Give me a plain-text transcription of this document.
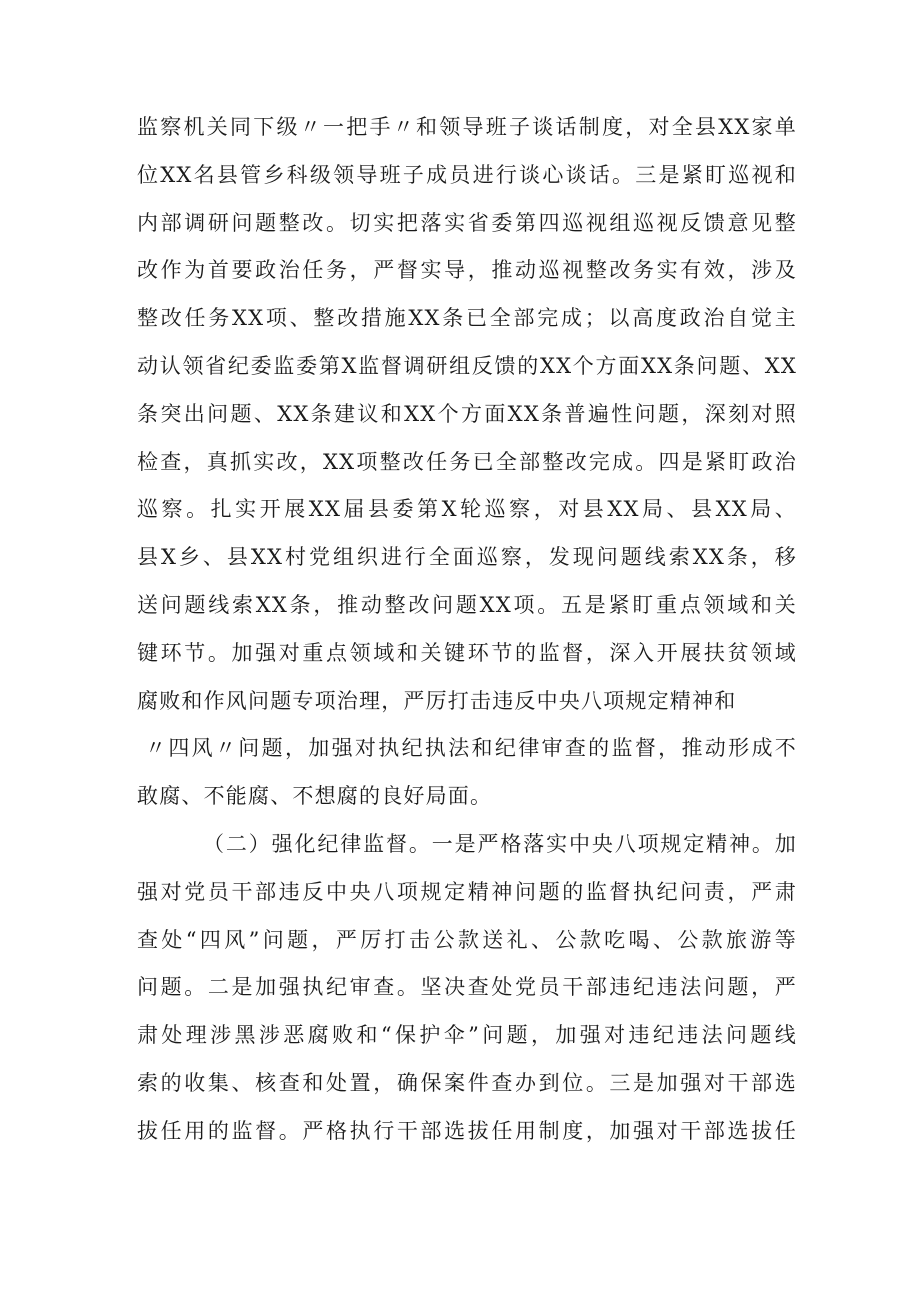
监察机关同下级〃一把手〃和领导班子谈话制度，对全县XX家单
位XX名县管乡科级领导班子成员进行谈心谈话。三是紧盯巡视和
内部调研问题整改。切实把落实省委第四巡视组巡视反馈意见整
改作为首要政治任务，严督实导，推动巡视整改务实有效，涉及
整改任务XX项、整改措施XX条已全部完成；以高度政治自觉主
动认领省纪委监委第X监督调研组反馈的XX个方面XX条问题、XX
条突出问题、XX条建议和XX个方面XX条普遍性问题，深刻对照
检查，真抓实改，XX项整改任务已全部整改完成。四是紧盯政治
巡察。扎实开展XX届县委第X轮巡察，对县XX局、县XX局、
县X乡、县XX村党组织进行全面巡察，发现问题线索XX条，移
送问题线索XX条，推动整改问题XX项。五是紧盯重点领域和关
键环节。加强对重点领域和关键环节的监督，深入开展扶贫领域
腐败和作风问题专项治理，严厉打击违反中央八项规定精神和
〃四风〃问题，加强对执纪执法和纪律审查的监督，推动形成不
敢腐、不能腐、不想腐的良好局面。
（二）强化纪律监督。一是严格落实中央八项规定精神。加
强对党员干部违反中央八项规定精神问题的监督执纪问责，严肃
查处“四风”问题，严厉打击公款送礼、公款吃喝、公款旅游等
问题。二是加强执纪审查。坚决查处党员干部违纪违法问题，严
肃处理涉黑涉恶腐败和“保护伞”问题，加强对违纪违法问题线
索的收集、核查和处置，确保案件查办到位。三是加强对干部选
拔任用的监督。严格执行干部选拔任用制度，加强对干部选拔任
